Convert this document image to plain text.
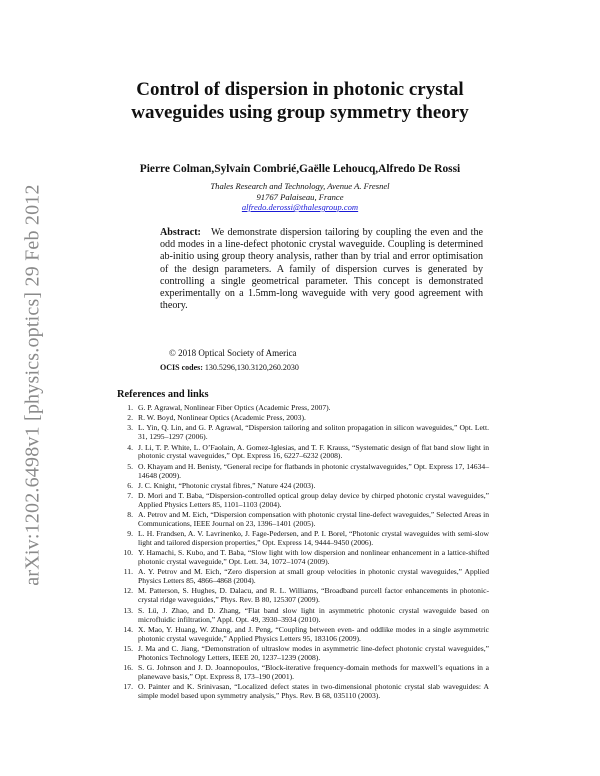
arXiv:1202.6498v1 [physics.optics] 29 Feb 2012
Control of dispersion in photonic crystal waveguides using group symmetry theory
Pierre Colman,Sylvain Combrié,Gaëlle Lehoucq,Alfredo De Rossi
Thales Research and Technology, Avenue A. Fresnel
91767 Palaiseau, France
alfredo.derossi@thalesgroup.com

Abstract: We demonstrate dispersion tailoring by coupling the even and the odd modes in a line-defect photonic crystal waveguide. Coupling is determined ab-initio using group theory analysis, rather than by trial and error optimisation of the design parameters. A family of dispersion curves is generated by controlling a single geometrical parameter. This concept is demonstrated experimentally on a 1.5mm-long waveguide with very good agreement with theory.

© 2018 Optical Society of America
OCIS codes: 130.5296,130.3120,260.2030
References and links
1. G. P. Agrawal, Nonlinear Fiber Optics (Academic Press, 2007).
2. R. W. Boyd, Nonlinear Optics (Academic Press, 2003).
3. L. Yin, Q. Lin, and G. P. Agrawal, “Dispersion tailoring and soliton propagation in silicon waveguides,” Opt. Lett. 31, 1295–1297 (2006).
4. J. Li, T. P. White, L. O’Faolain, A. Gomez-Iglesias, and T. F. Krauss, “Systematic design of flat band slow light in photonic crystal waveguides,” Opt. Express 16, 6227–6232 (2008).
5. O. Khayam and H. Benisty, “General recipe for flatbands in photonic crystalwaveguides,” Opt. Express 17, 14634–14648 (2009).
6. J. C. Knight, “Photonic crystal fibres,” Nature 424 (2003).
7. D. Mori and T. Baba, “Dispersion-controlled optical group delay device by chirped photonic crystal waveguides,” Applied Physics Letters 85, 1101–1103 (2004).
8. A. Petrov and M. Eich, “Dispersion compensation with photonic crystal line-defect waveguides,” Selected Areas in Communications, IEEE Journal on 23, 1396–1401 (2005).
9. L. H. Frandsen, A. V. Lavrinenko, J. Fage-Pedersen, and P. I. Borel, “Photonic crystal waveguides with semi-slow light and tailored dispersion properties,” Opt. Express 14, 9444–9450 (2006).
10. Y. Hamachi, S. Kubo, and T. Baba, “Slow light with low dispersion and nonlinear enhancement in a lattice-shifted photonic crystal waveguide,” Opt. Lett. 34, 1072–1074 (2009).
11. A. Y. Petrov and M. Eich, “Zero dispersion at small group velocities in photonic crystal waveguides,” Applied Physics Letters 85, 4866–4868 (2004).
12. M. Patterson, S. Hughes, D. Dalacu, and R. L. Williams, “Broadband purcell factor enhancements in photonic-crystal ridge waveguides,” Phys. Rev. B 80, 125307 (2009).
13. S. Lü, J. Zhao, and D. Zhang, “Flat band slow light in asymmetric photonic crystal waveguide based on microfluidic infiltration,” Appl. Opt. 49, 3930–3934 (2010).
14. X. Mao, Y. Huang, W. Zhang, and J. Peng, “Coupling between even- and oddlike modes in a single asymmetric photonic crystal waveguide,” Applied Physics Letters 95, 183106 (2009).
15. J. Ma and C. Jiang, “Demonstration of ultraslow modes in asymmetric line-defect photonic crystal waveguides,” Photonics Technology Letters, IEEE 20, 1237–1239 (2008).
16. S. G. Johnson and J. D. Joannopoulos, “Block-iterative frequency-domain methods for maxwell’s equations in a planewave basis,” Opt. Express 8, 173–190 (2001).
17. O. Painter and K. Srinivasan, “Localized defect states in two-dimensional photonic crystal slab waveguides: A simple model based upon symmetry analysis,” Phys. Rev. B 68, 035110 (2003).
